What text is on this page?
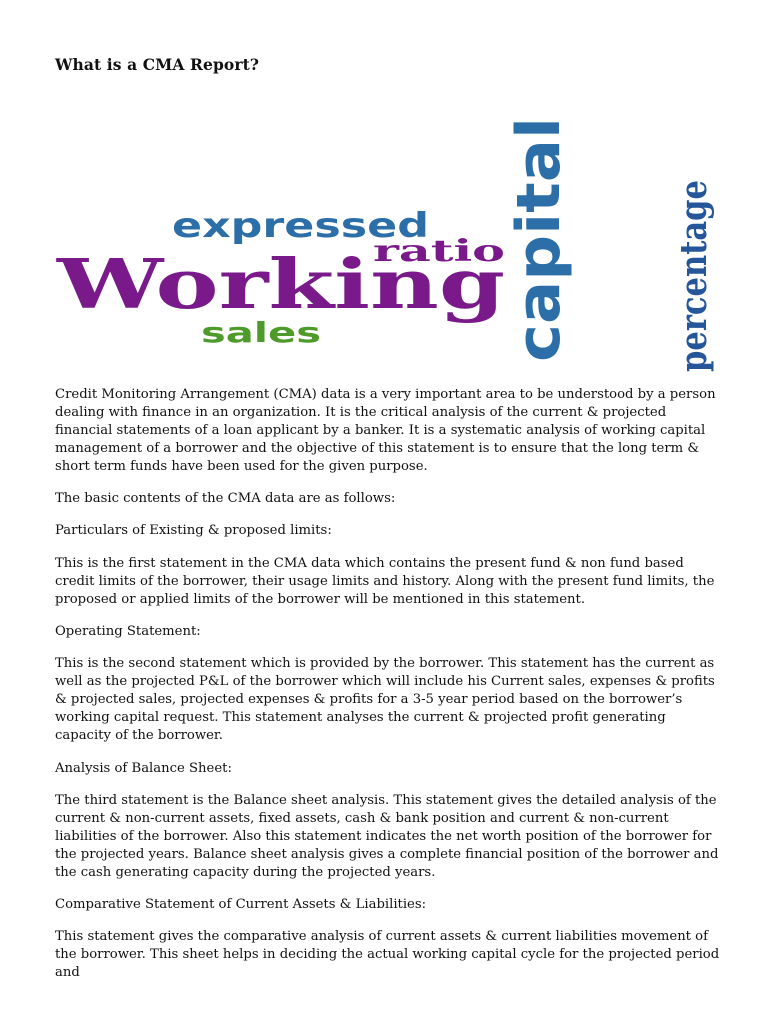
What is a CMA Report?
expressed
ratio
Working
sales	capital	percentage

Credit Monitoring Arrangement (CMA) data is a very important area to be understood by a person dealing with finance in an organization. It is the critical analysis of the current & projected financial statements of a loan applicant by a banker. It is a systematic analysis of working capital management of a borrower and the objective of this statement is to ensure that the long term & short term funds have been used for the given purpose.

The basic contents of the CMA data are as follows:

Particulars of Existing & proposed limits:

This is the first statement in the CMA data which contains the present fund & non fund based credit limits of the borrower, their usage limits and history. Along with the present fund limits, the proposed or applied limits of the borrower will be mentioned in this statement.

Operating Statement:

This is the second statement which is provided by the borrower. This statement has the current as well as the projected P&L of the borrower which will include his Current sales, expenses & profits & projected sales, projected expenses & profits for a 3-5 year period based on the borrower’s working capital request. This statement analyses the current & projected profit generating capacity of the borrower.

Analysis of Balance Sheet:

The third statement is the Balance sheet analysis. This statement gives the detailed analysis of the current & non-current assets, fixed assets, cash & bank position and current & non-current liabilities of the borrower. Also this statement indicates the net worth position of the borrower for the projected years. Balance sheet analysis gives a complete financial position of the borrower and the cash generating capacity during the projected years.

Comparative Statement of Current Assets & Liabilities:

This statement gives the comparative analysis of current assets & current liabilities movement of the borrower. This sheet helps in deciding the actual working capital cycle for the projected period and
